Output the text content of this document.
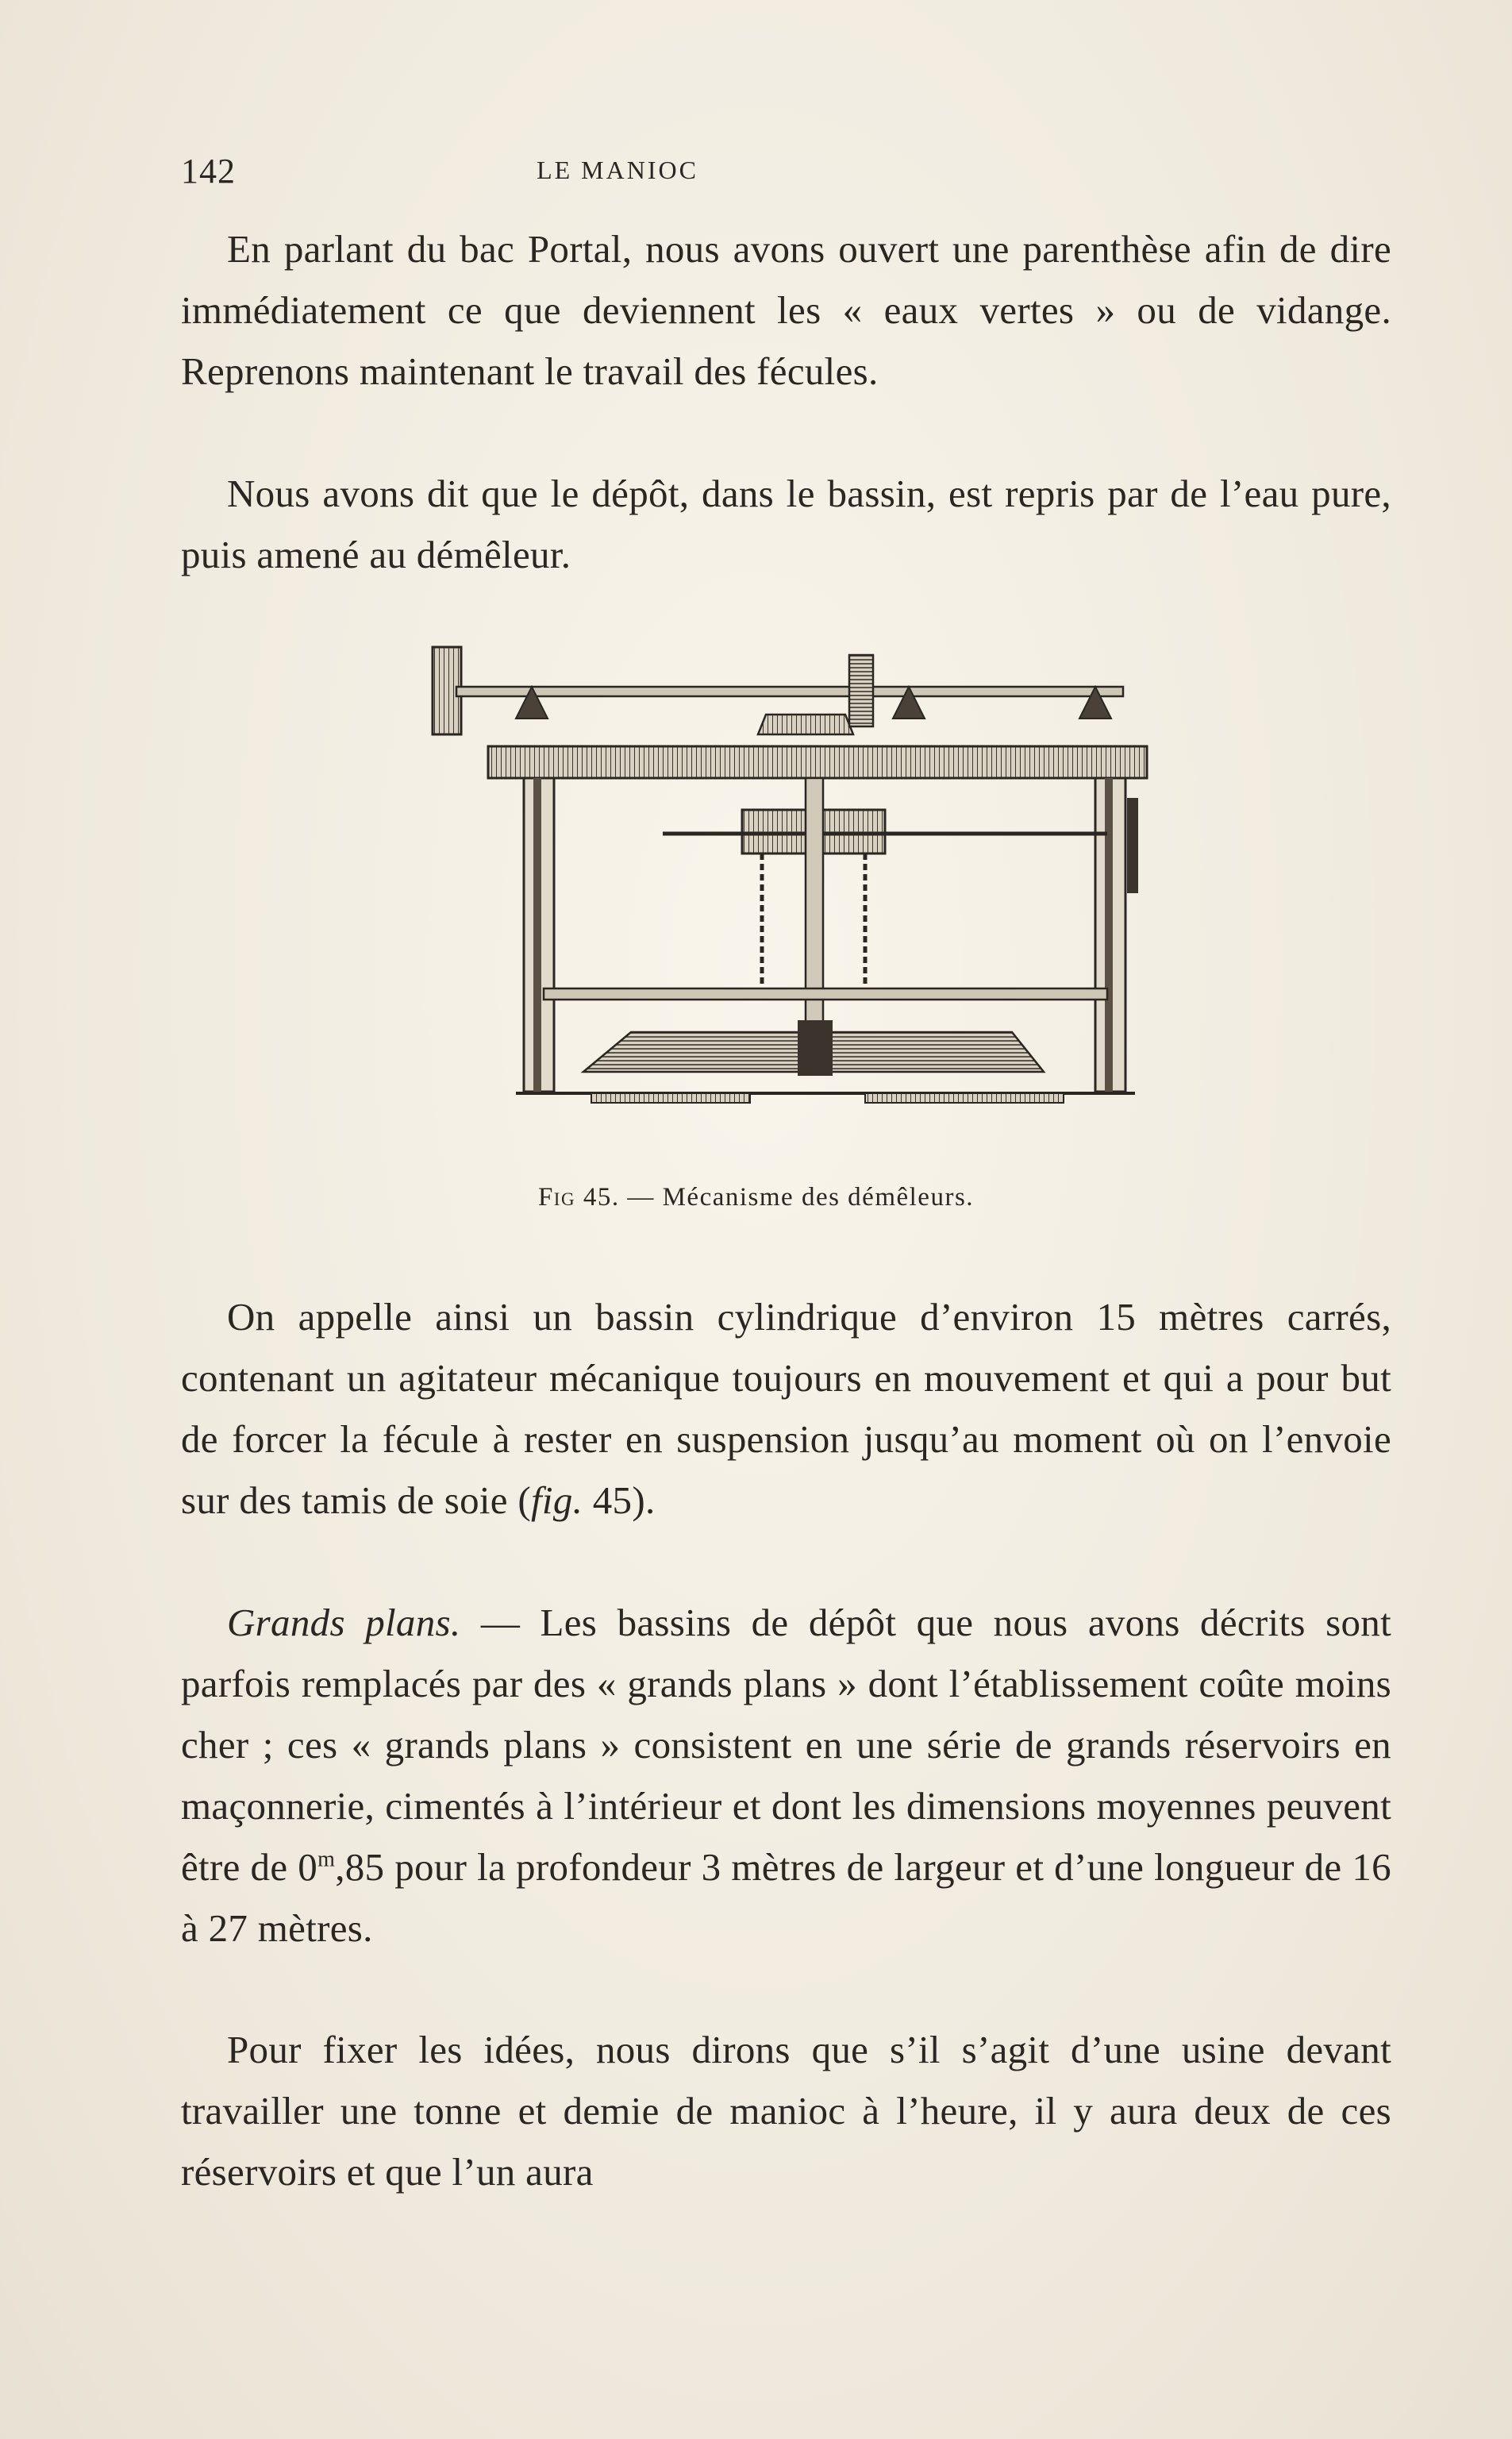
142	LE MANIOC

En parlant du bac Portal, nous avons ouvert une parenthèse afin de dire immédiatement ce que deviennent les « eaux vertes » ou de vidange. Reprenons maintenant le travail des fécules.

Nous avons dit que le dépôt, dans le bassin, est repris par de l’eau pure, puis amené au démêleur.

Fig 45. — Mécanisme des démêleurs.

On appelle ainsi un bassin cylindrique d’environ 15 mètres carrés, contenant un agitateur mécanique toujours en mouvement et qui a pour but de forcer la fécule à rester en suspension jusqu’au moment où on l’envoie sur des tamis de soie (fig. 45).

Grands plans. — Les bassins de dépôt que nous avons décrits sont parfois remplacés par des « grands plans » dont l’établissement coûte moins cher ; ces « grands plans » consistent en une série de grands réservoirs en maçonnerie, cimentés à l’intérieur et dont les dimensions moyennes peuvent être de 0$^m$,85 pour la profondeur 3 mètres de largeur et d’une longueur de 16 à 27 mètres.

Pour fixer les idées, nous dirons que s’il s’agit d’une usine devant travailler une tonne et demie de manioc à l’heure, il y aura deux de ces réservoirs et que l’un aura
